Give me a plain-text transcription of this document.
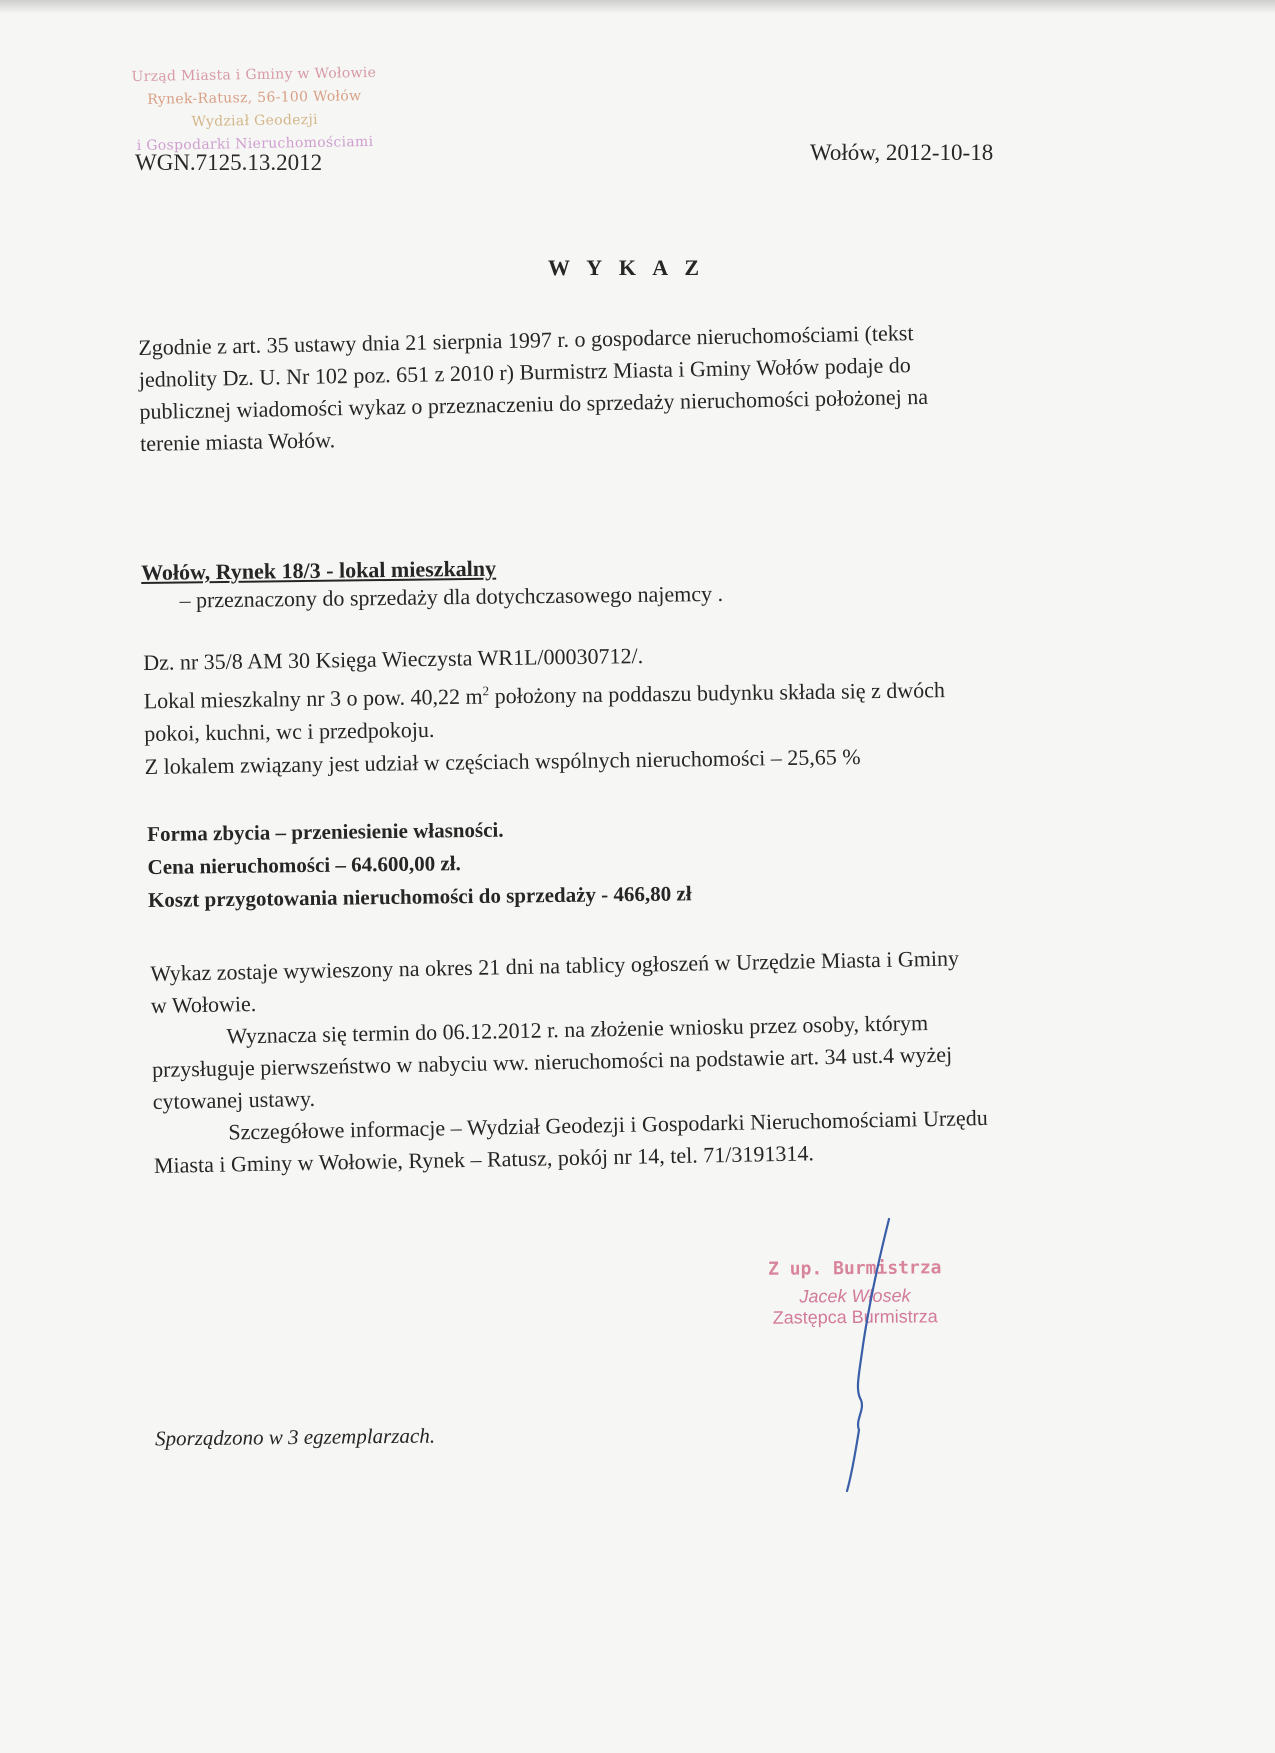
Urząd Miasta i Gminy w Wołowie
Rynek-Ratusz, 56-100 Wołów
Wydział Geodezji
i Gospodarki Nieruchomościami
WGN.7125.13.2012	Wołów, 2012-10-18
W Y K A Z
Zgodnie z art. 35 ustawy dnia 21 sierpnia 1997 r. o gospodarce nieruchomościami (tekst
jednolity Dz. U. Nr 102 poz. 651 z 2010 r) Burmistrz Miasta i Gminy Wołów podaje do
publicznej wiadomości wykaz o przeznaczeniu do sprzedaży nieruchomości położonej na
terenie miasta Wołów.
Wołów, Rynek 18/3 - lokal mieszkalny
– przeznaczony do sprzedaży dla dotychczasowego najemcy .
Dz. nr 35/8 AM 30 Księga Wieczysta WR1L/00030712/.
Lokal mieszkalny nr 3 o pow. 40,22 $m^2$ położony na poddaszu budynku składa się z dwóch
pokoi, kuchni, wc i przedpokoju.
Z lokalem związany jest udział w częściach wspólnych nieruchomości – 25,65 %
Forma zbycia – przeniesienie własności.
Cena nieruchomości – 64.600,00 zł.
Koszt przygotowania nieruchomości do sprzedaży - 466,80 zł
Wykaz zostaje wywieszony na okres 21 dni na tablicy ogłoszeń w Urzędzie Miasta i Gminy
w Wołowie.
Wyznacza się termin do 06.12.2012 r. na złożenie wniosku przez osoby, którym
przysługuje pierwszeństwo w nabyciu ww. nieruchomości na podstawie art. 34 ust.4 wyżej
cytowanej ustawy.
Szczegółowe informacje – Wydział Geodezji i Gospodarki Nieruchomościami Urzędu
Miasta i Gminy w Wołowie, Rynek – Ratusz, pokój nr 14, tel. 71/3191314.
Z up. Burmistrza
Jacek Włosek
Zastępca Burmistrza
Sporządzono w 3 egzemplarzach.
